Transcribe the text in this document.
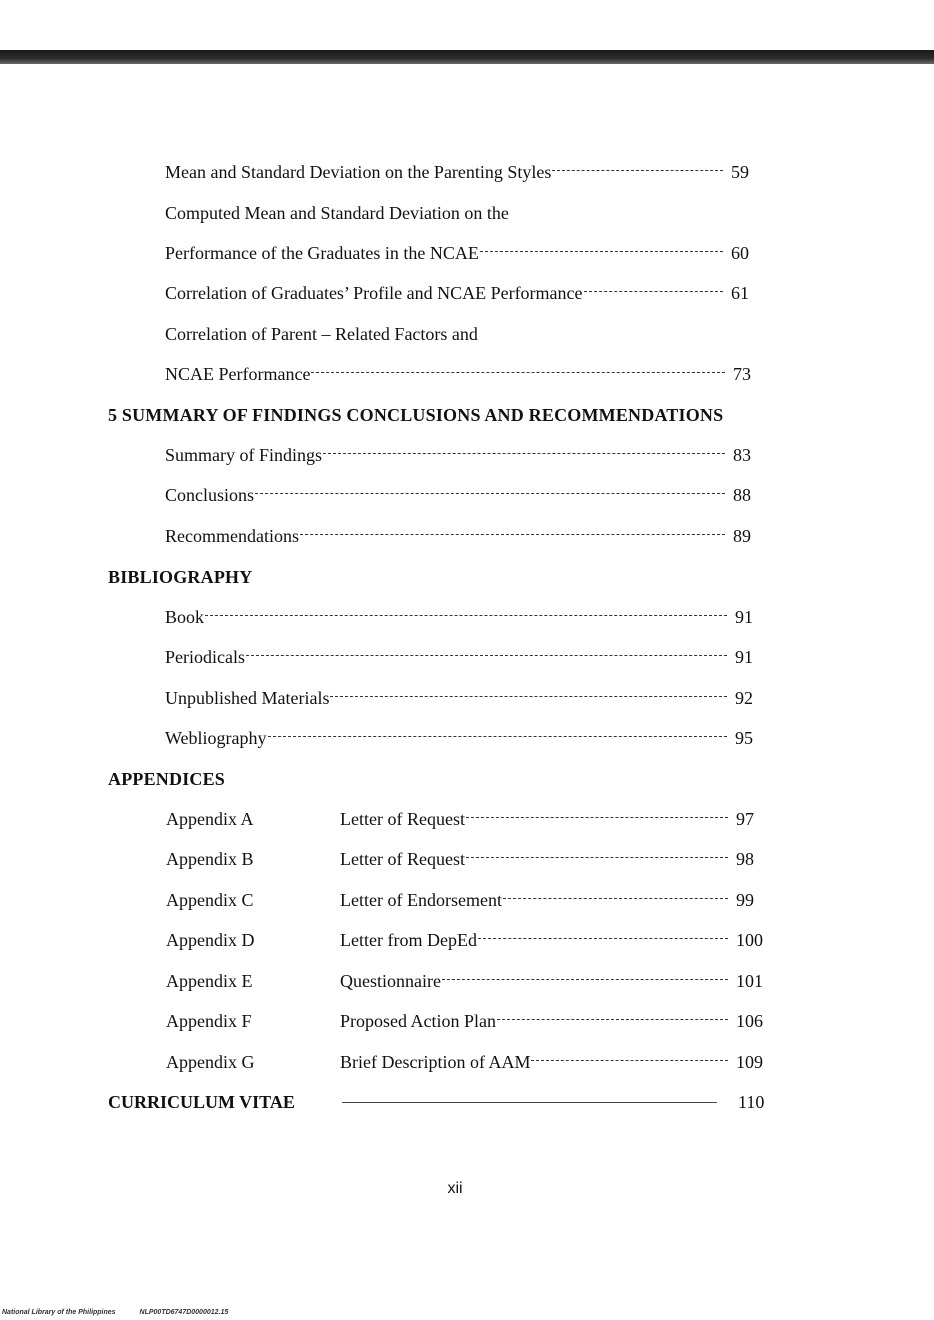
Mean and Standard Deviation on the Parenting Styles	59
Computed Mean and Standard Deviation on the
Performance of the Graduates in the NCAE	60
Correlation of Graduates’ Profile and NCAE Performance	61
Correlation of Parent – Related Factors and
NCAE Performance	73
5 SUMMARY OF FINDINGS CONCLUSIONS AND RECOMMENDATIONS
Summary of Findings	83
Conclusions	88
Recommendations	89
BIBLIOGRAPHY
Book	91
Periodicals	91
Unpublished Materials	92
Webliography	95
APPENDICES
Appendix A	Letter of Request	97
Appendix B	Letter of Request	98
Appendix C	Letter of Endorsement	99
Appendix D	Letter from DepEd	100
Appendix E	Questionnaire	101
Appendix F	Proposed Action Plan	106
Appendix G	Brief Description of AAM	109
CURRICULUM VITAE	110
xii
National Library of the Philippines	NLP00TD6747D0000012.15
